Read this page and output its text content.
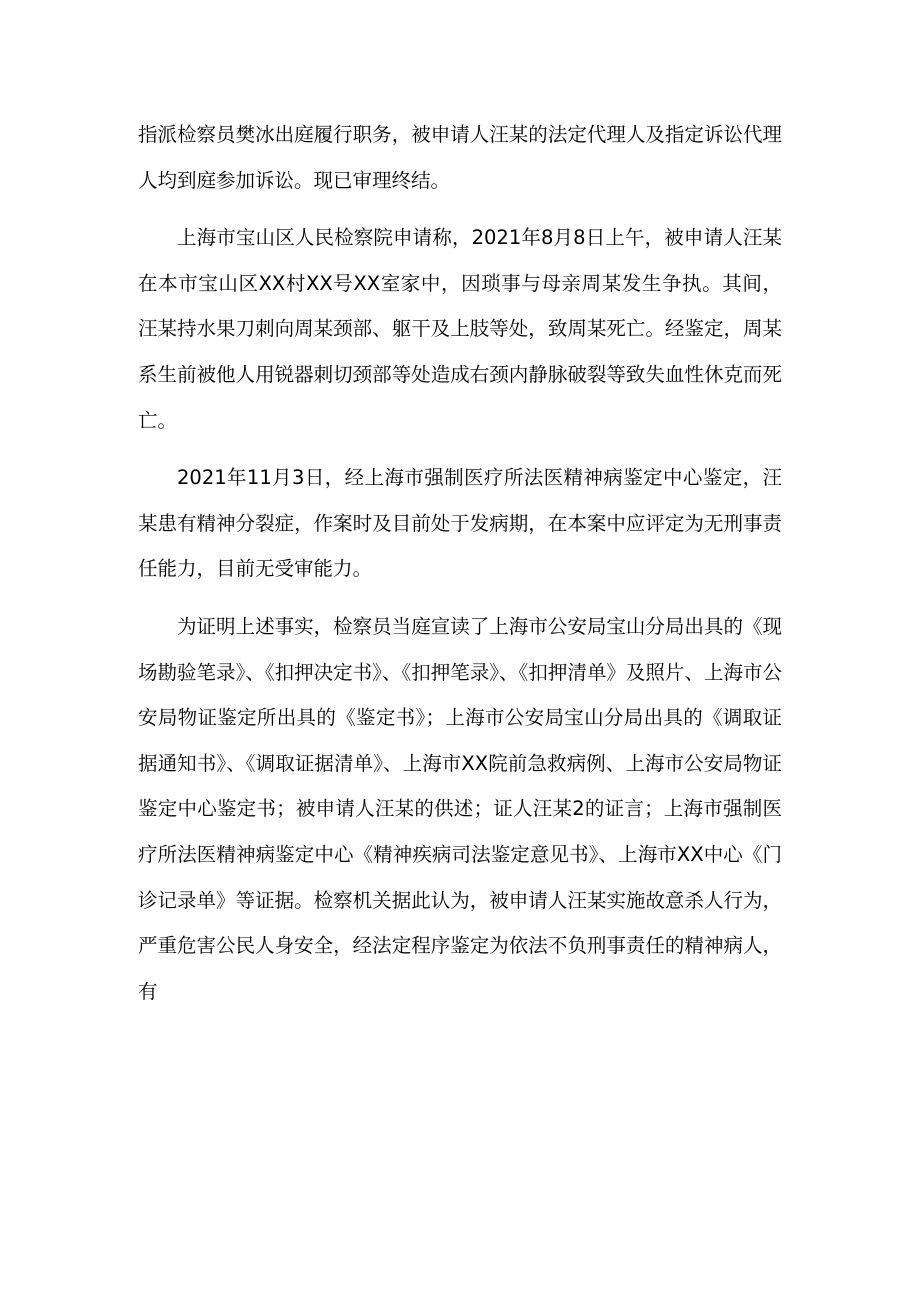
指派检察员樊冰出庭履行职务，被申请人汪某的法定代理人及指定诉讼代理人均到庭参加诉讼。现已审理终结。

上海市宝山区人民检察院申请称，2021年8月8日上午，被申请人汪某在本市宝山区XX村XX号XX室家中，因琐事与母亲周某发生争执。其间，汪某持水果刀刺向周某颈部、躯干及上肢等处，致周某死亡。经鉴定，周某系生前被他人用锐器刺切颈部等处造成右颈内静脉破裂等致失血性休克而死亡。

2021年11月3日，经上海市强制医疗所法医精神病鉴定中心鉴定，汪某患有精神分裂症，作案时及目前处于发病期，在本案中应评定为无刑事责任能力，目前无受审能力。

为证明上述事实，检察员当庭宣读了上海市公安局宝山分局出具的《现场勘验笔录》、《扣押决定书》、《扣押笔录》、《扣押清单》及照片、上海市公安局物证鉴定所出具的《鉴定书》；上海市公安局宝山分局出具的《调取证据通知书》、《调取证据清单》、上海市XX院前急救病例、上海市公安局物证鉴定中心鉴定书；被申请人汪某的供述；证人汪某2的证言；上海市强制医疗所法医精神病鉴定中心《精神疾病司法鉴定意见书》、上海市XX中心《门诊记录单》等证据。检察机关据此认为，被申请人汪某实施故意杀人行为，严重危害公民人身安全，经法定程序鉴定为依法不负刑事责任的精神病人，有
